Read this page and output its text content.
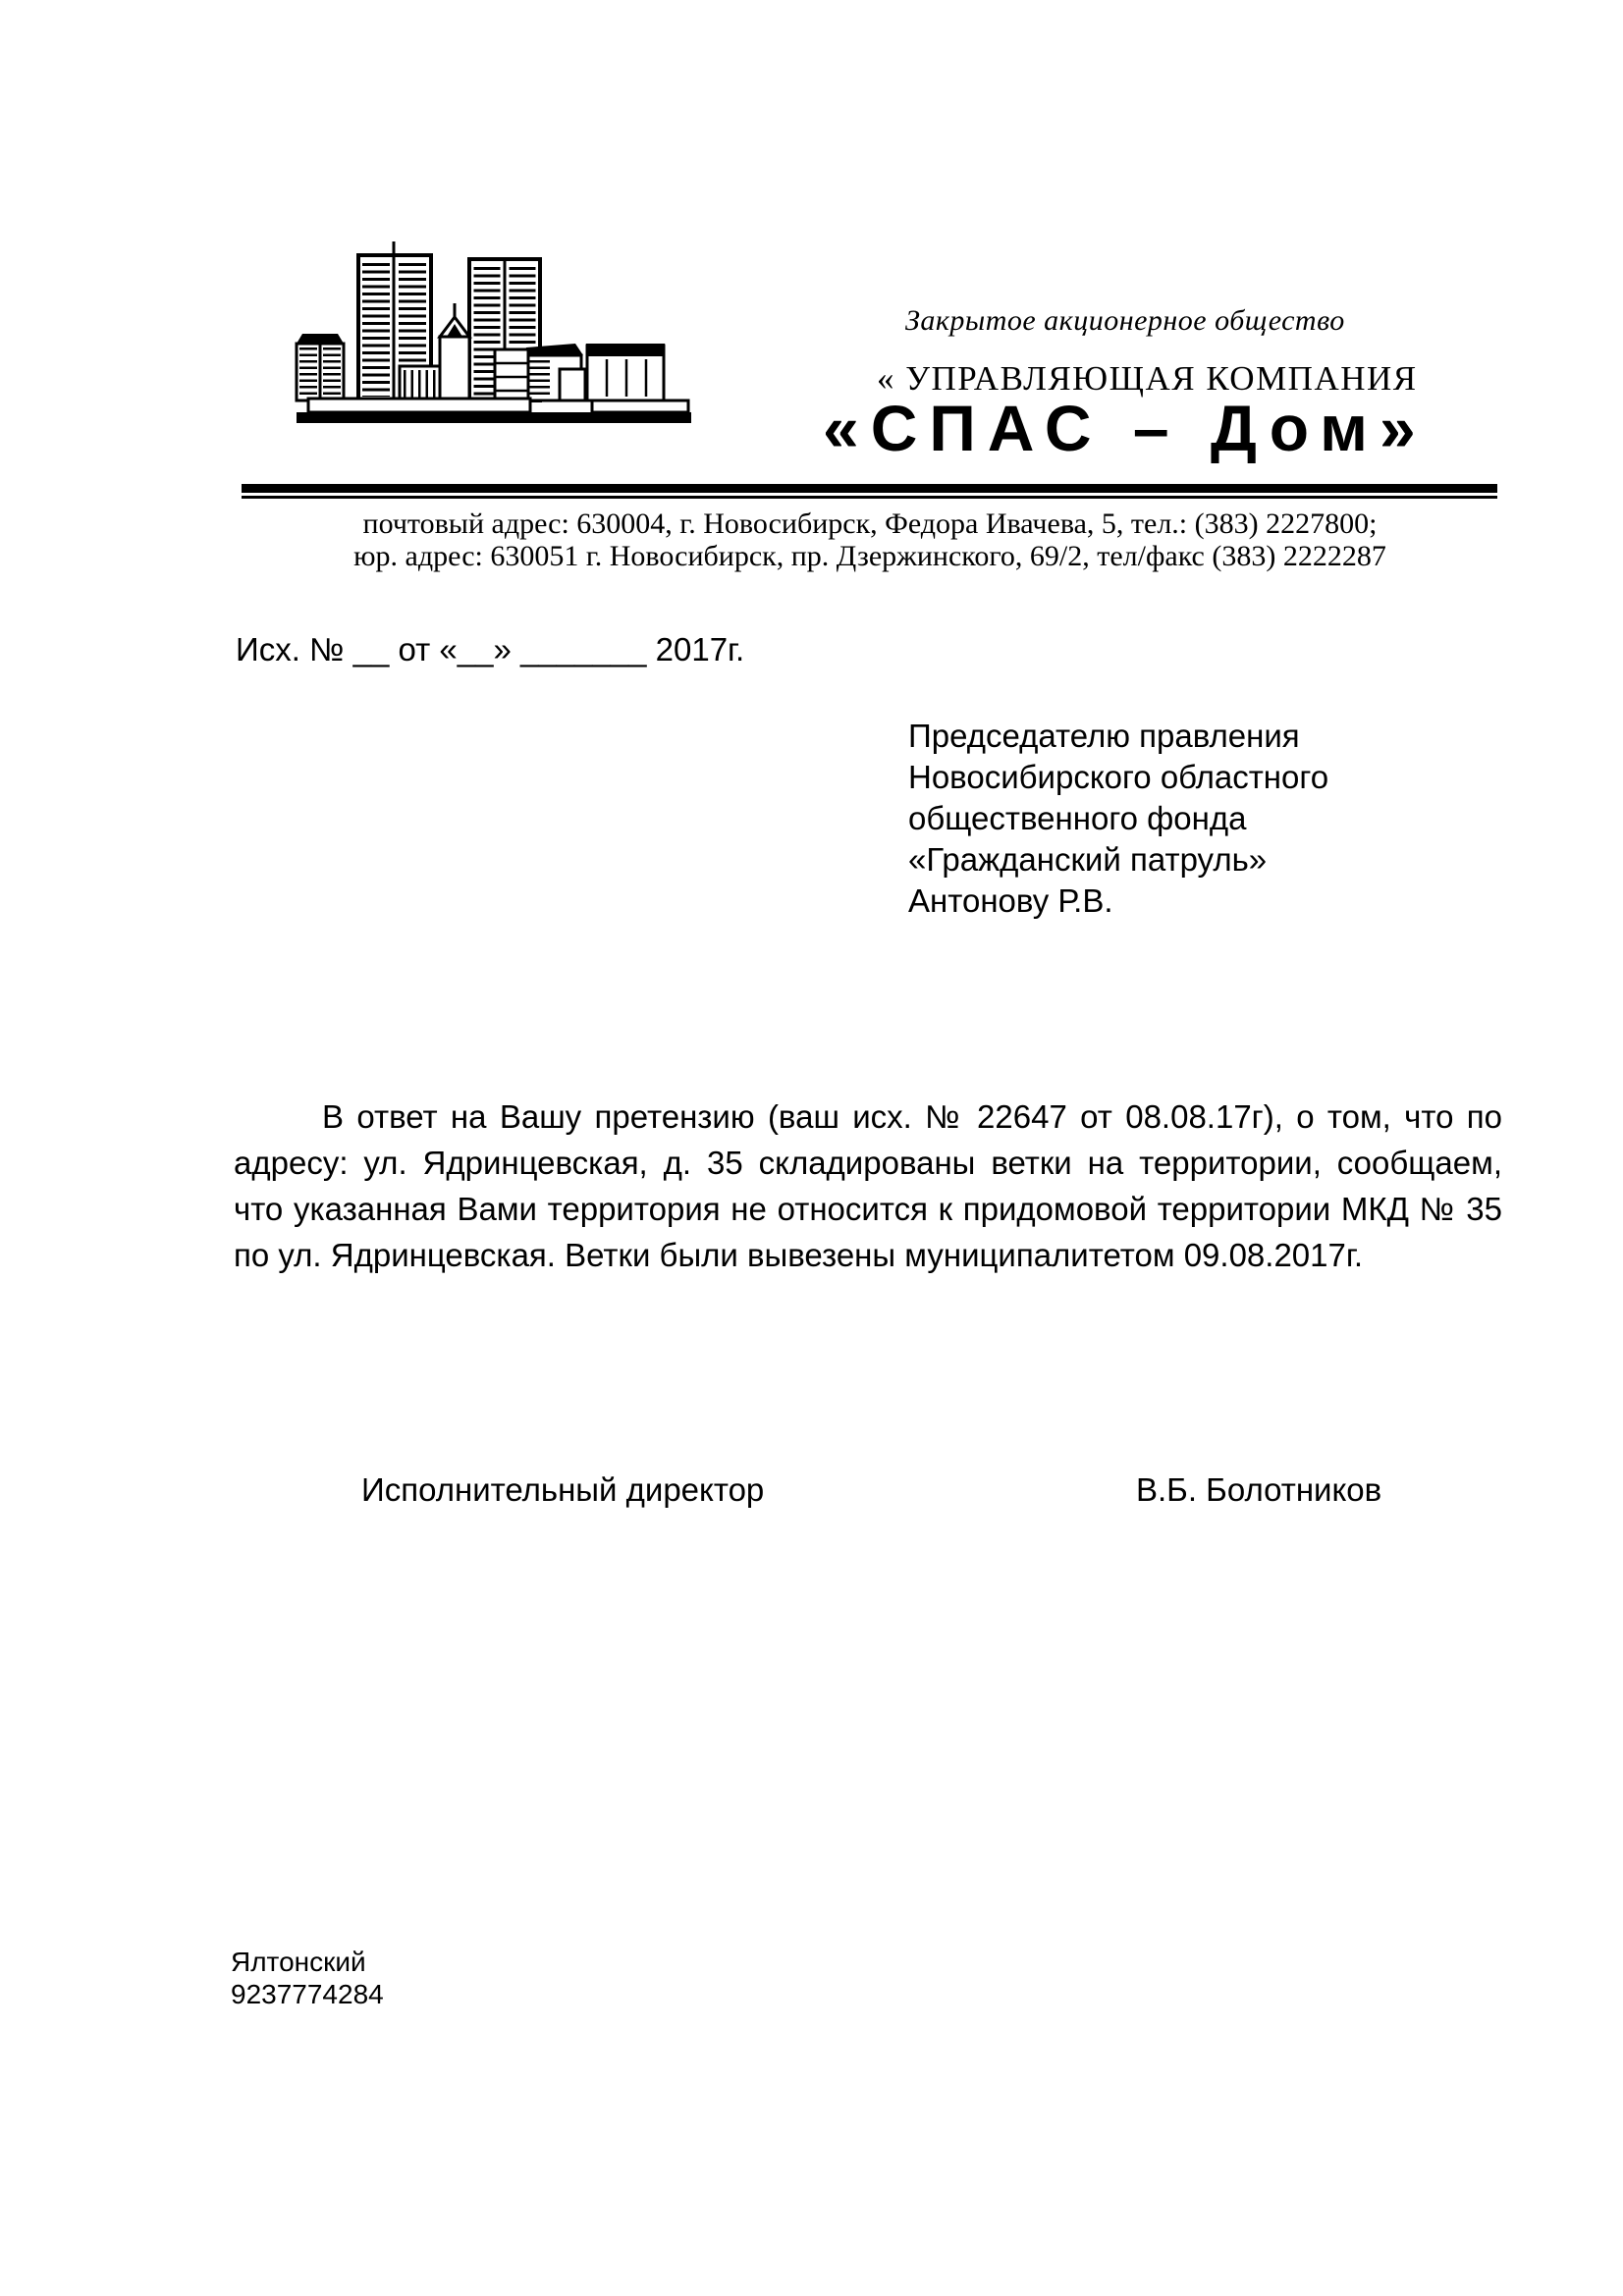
Закрытое акционерное общество
« УПРАВЛЯЮЩАЯ КОМПАНИЯ
«СПАС – Дом»
почтовый адрес: 630004, г. Новосибирск, Федора Ивачева, 5, тел.: (383) 2227800;
юр. адрес: 630051 г. Новосибирск, пр. Дзержинского, 69/2, тел/факс (383) 2222287
Исх. № __ от «__» _______ 2017г.
Председателю правления
Новосибирского областного
общественного фонда
«Гражданский патруль»
Антонову Р.В.
В ответ на Вашу претензию (ваш исх. № 22647 от 08.08.17г), о том, что по
адресу: ул. Ядринцевская, д. 35 складированы ветки на территории, сообщаем,
что указанная Вами территория не относится к придомовой территории МКД № 35
по ул. Ядринцевская. Ветки были вывезены муниципалитетом 09.08.2017г.
Исполнительный директор	В.Б. Болотников
Ялтонский
9237774284
